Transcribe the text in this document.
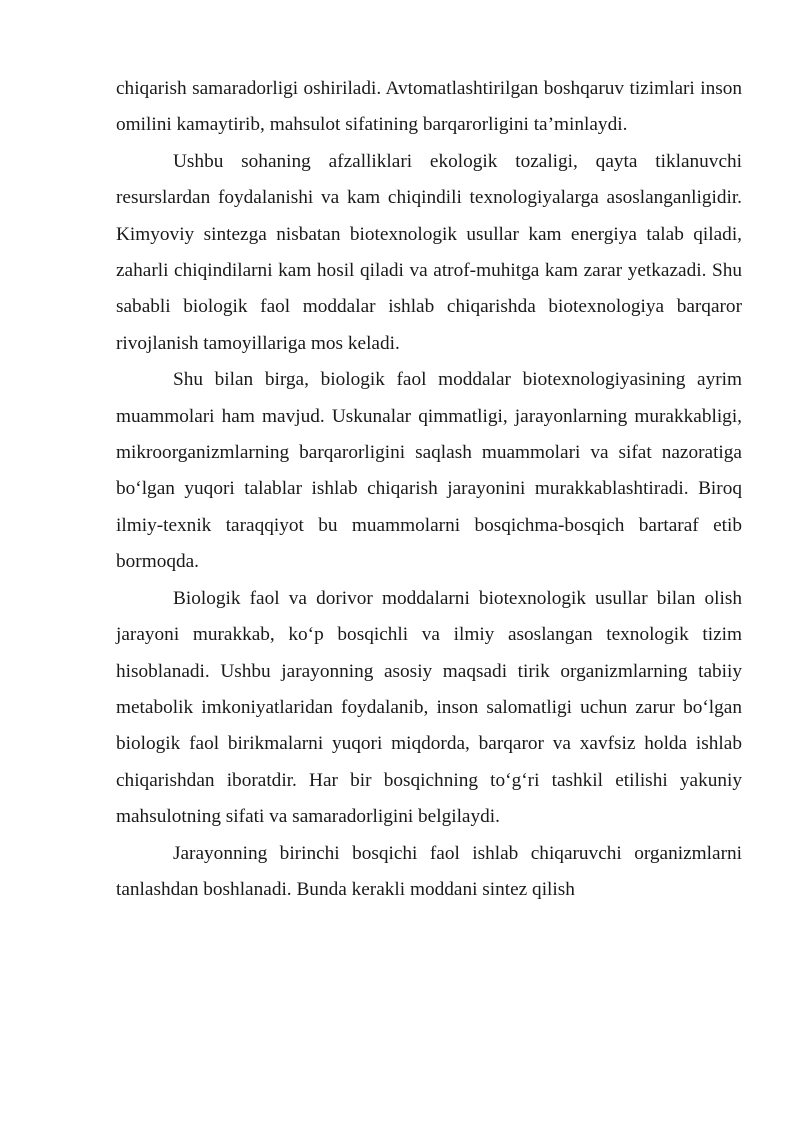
chiqarish samaradorligi oshiriladi. Avtomatlashtirilgan boshqaruv tizimlari inson omilini kamaytirib, mahsulot sifatining barqarorligini ta’minlaydi.

Ushbu sohaning afzalliklari ekologik tozaligi, qayta tiklanuvchi resurslardan foydalanishi va kam chiqindili texnologiyalarga asoslanganligidir. Kimyoviy sintezga nisbatan biotexnologik usullar kam energiya talab qiladi, zaharli chiqindilarni kam hosil qiladi va atrof-muhitga kam zarar yetkazadi. Shu sababli biologik faol moddalar ishlab chiqarishda biotexnologiya barqaror rivojlanish tamoyillariga mos keladi.

Shu bilan birga, biologik faol moddalar biotexnologiyasining ayrim muammolari ham mavjud. Uskunalar qimmatligi, jarayonlarning murakkabligi, mikroorganizmlarning barqarorligini saqlash muammolari va sifat nazoratiga bo‘lgan yuqori talablar ishlab chiqarish jarayonini murakkablashtiradi. Biroq ilmiy-texnik taraqqiyot bu muammolarni bosqichma-bosqich bartaraf etib bormoqda.

Biologik faol va dorivor moddalarni biotexnologik usullar bilan olish jarayoni murakkab, ko‘p bosqichli va ilmiy asoslangan texnologik tizim hisoblanadi. Ushbu jarayonning asosiy maqsadi tirik organizmlarning tabiiy metabolik imkoniyatlaridan foydalanib, inson salomatligi uchun zarur bo‘lgan biologik faol birikmalarni yuqori miqdorda, barqaror va xavfsiz holda ishlab chiqarishdan iboratdir. Har bir bosqichning to‘g‘ri tashkil etilishi yakuniy mahsulotning sifati va samaradorligini belgilaydi.

Jarayonning birinchi bosqichi faol ishlab chiqaruvchi organizmlarni tanlashdan boshlanadi. Bunda kerakli moddani sintez qilish
